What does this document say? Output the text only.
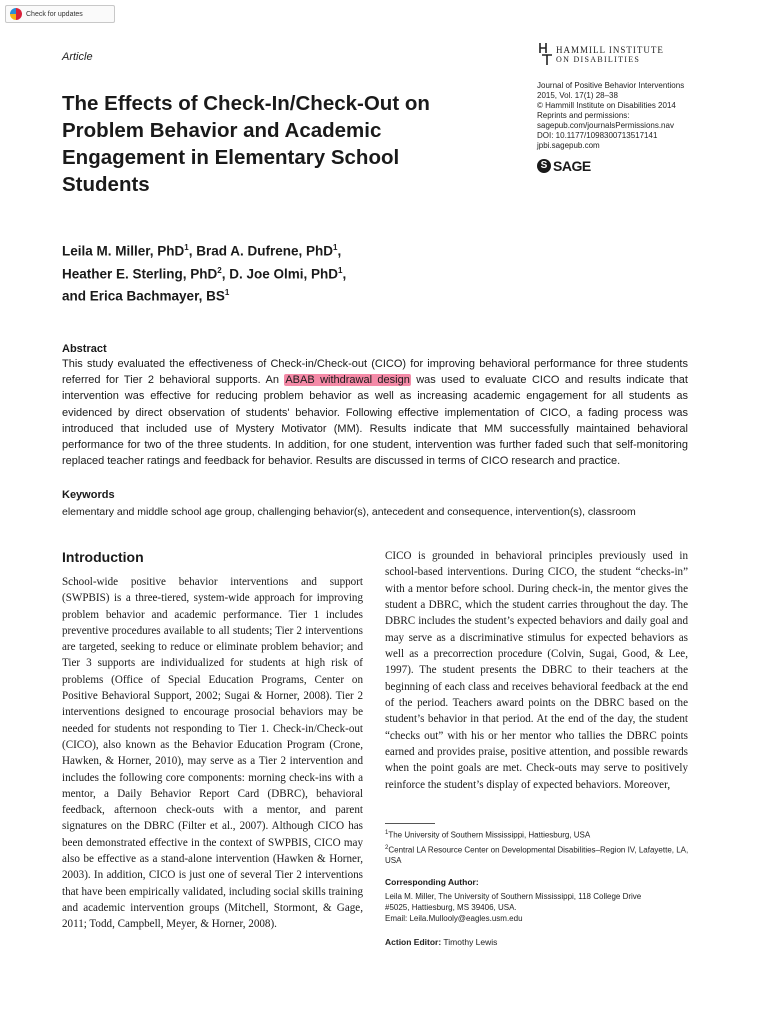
Check for updates
Article
HAMMILL INSTITUTE
ON DISABILITIES
Journal of Positive Behavior Interventions
2015, Vol. 17(1) 28–38
© Hammill Institute on Disabilities 2014
Reprints and permissions:
sagepub.com/journalsPermissions.nav
DOI: 10.1177/1098300713517141
jpbi.sagepub.com
S SAGE
The Effects of Check-In/Check-Out on Problem Behavior and Academic Engagement in Elementary School Students
Leila M. Miller, PhD$^1$, Brad A. Dufrene, PhD$^1$,
Heather E. Sterling, PhD$^2$, D. Joe Olmi, PhD$^1$,
and Erica Bachmayer, $BS^1$
Abstract

This study evaluated the effectiveness of Check-in/Check-out (CICO) for improving behavioral performance for three students referred for Tier 2 behavioral supports. An ABAB withdrawal design was used to evaluate CICO and results indicate that intervention was effective for reducing problem behavior as well as increasing academic engagement for all students as evidenced by direct observation of students' behavior. Following effective implementation of CICO, a fading process was introduced that included use of Mystery Motivator (MM). Results indicate that MM successfully maintained behavioral performance for two of the three students. In addition, for one student, intervention was further faded such that self-monitoring replaced teacher ratings and feedback for behavior. Results are discussed in terms of CICO research and practice.

Keywords
elementary and middle school age group, challenging behavior(s), antecedent and consequence, intervention(s), classroom
Introduction

School-wide positive behavior interventions and support (SWPBIS) is a three-tiered, system-wide approach for improving problem behavior and academic performance. Tier 1 includes preventive procedures available to all students; Tier 2 interventions are targeted, seeking to reduce or eliminate problem behavior; and Tier 3 supports are individualized for students at high risk of problems (Office of Special Education Programs, Center on Positive Behavioral Support, 2002; Sugai & Horner, 2008). Tier 2 interventions designed to encourage prosocial behaviors may be needed for students not responding to Tier 1. Check-in/Check-out (CICO), also known as the Behavior Education Program (Crone, Hawken, & Horner, 2010), may serve as a Tier 2 intervention and includes the following core components: morning check-ins with a mentor, a Daily Behavior Report Card (DBRC), behavioral feedback, afternoon check-outs with a mentor, and parent signatures on the DBRC (Filter et al., 2007). Although CICO has been demonstrated effective in the context of SWPBIS, CICO may also be effective as a stand-alone intervention (Hawken & Horner, 2003). In addition, CICO is just one of several Tier 2 interventions that have been empirically validated, including social skills training and academic intervention groups (Mitchell, Stormont, & Gage, 2011; Todd, Campbell, Meyer, & Horner, 2008).

CICO is grounded in behavioral principles previously used in school-based interventions. During CICO, the student “checks-in” with a mentor before school. During check-in, the mentor gives the student a DBRC, which the student carries throughout the day. The DBRC includes the student’s expected behaviors and daily goal and may serve as a discriminative stimulus for expected behaviors as well as a precorrection procedure (Colvin, Sugai, Good, & Lee, 1997). The student presents the DBRC to their teachers at the beginning of each class and receives behavioral feedback at the end of the period. Teachers award points on the DBRC based on the student’s behavior in that period. At the end of the day, the student “checks out” with his or her mentor who tallies the DBRC points earned and provides praise, positive attention, and possible rewards when the point goals are met. Check-outs may serve to positively reinforce the student’s display of expected behaviors. Moreover,

$^1$The University of Southern Mississippi, Hattiesburg, USA
$^2$Central LA Resource Center on Developmental Disabilities–Region IV, Lafayette, LA, USA
Corresponding Author:
Leila M. Miller, The University of Southern Mississippi, 118 College Drive
#5025, Hattiesburg, MS 39406, USA.
Email: Leila.Mullooly@eagles.usm.edu
Action Editor: Timothy Lewis
